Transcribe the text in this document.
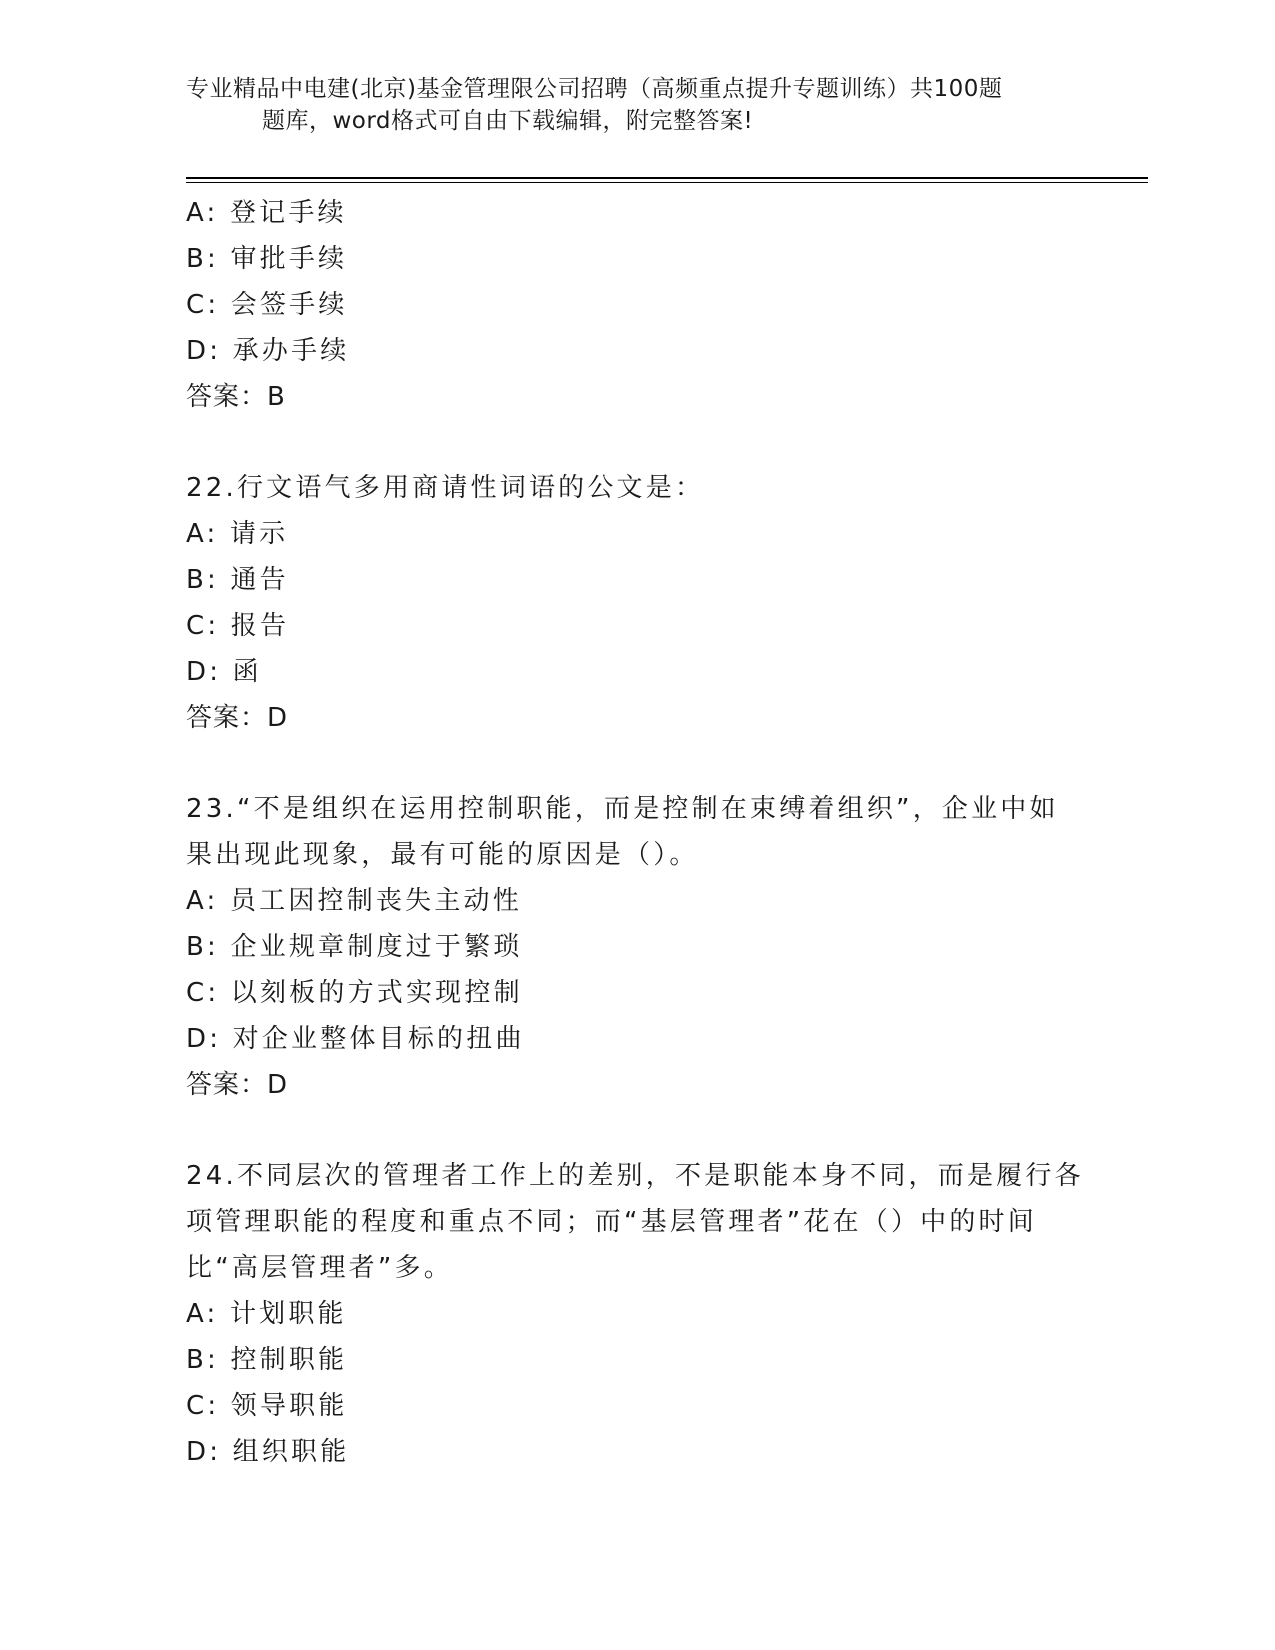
专业精品中电建(北京)基金管理限公司招聘（高频重点提升专题训练）共100题
题库，word格式可自由下载编辑，附完整答案!
A: 登记手续
B: 审批手续
C: 会签手续
D: 承办手续
答案：B
22.行文语气多用商请性词语的公文是：
A: 请示
B: 通告
C: 报告
D: 函
答案：D
23.“不是组织在运用控制职能，而是控制在束缚着组织”，企业中如
果出现此现象，最有可能的原因是（）。
A: 员工因控制丧失主动性
B: 企业规章制度过于繁琐
C: 以刻板的方式实现控制
D: 对企业整体目标的扭曲
答案：D
24.不同层次的管理者工作上的差别，不是职能本身不同，而是履行各
项管理职能的程度和重点不同；而“基层管理者”花在（）中的时间
比“高层管理者”多。
A: 计划职能
B: 控制职能
C: 领导职能
D: 组织职能
